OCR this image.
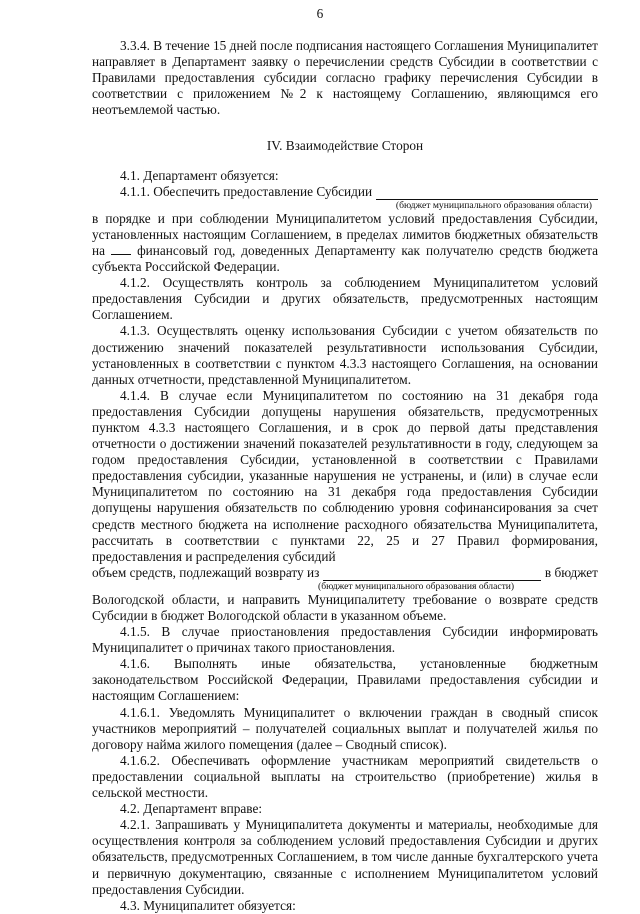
6

3.3.4. В течение 15 дней после подписания настоящего Соглашения Муниципалитет направляет в Департамент заявку о перечислении средств Субсидии в соответствии с Правилами предоставления субсидии согласно графику перечисления Субсидии в соответствии с приложением №2 к настоящему Соглашению, являющимся его неотъемлемой частью.

IV. Взаимодействие Сторон

4.1. Департамент обязуется:

4.1.1. Обеспечить предоставление Субсидии
(бюджет муниципального образования области)

в порядке и при соблюдении Муниципалитетом условий предоставления Субсидии, установленных настоящим Соглашением, в пределах лимитов бюджетных обязательств на финансовый год, доведенных Департаменту как получателю средств бюджета субъекта Российской Федерации.

4.1.2. Осуществлять контроль за соблюдением Муниципалитетом условий предоставления Субсидии и других обязательств, предусмотренных настоящим Соглашением.

4.1.3. Осуществлять оценку использования Субсидии с учетом обязательств по достижению значений показателей результативности использования Субсидии, установленных в соответствии с пунктом 4.3.3 настоящего Соглашения, на основании данных отчетности, представленной Муниципалитетом.

4.1.4. В случае если Муниципалитетом по состоянию на 31 декабря года предоставления Субсидии допущены нарушения обязательств, предусмотренных пунктом 4.3.3 настоящего Соглашения, и в срок до первой даты представления отчетности о достижении значений показателей результативности в году, следующем за годом предоставления Субсидии, установленной в соответствии с Правилами предоставления субсидии, указанные нарушения не устранены, и (или) в случае если Муниципалитетом по состоянию на 31 декабря года предоставления Субсидии допущены нарушения обязательств по соблюдению уровня софинансирования за счет средств местного бюджета на исполнение расходного обязательства Муниципалитета, рассчитать в соответствии с пунктами 22, 25 и 27 Правил формирования, предоставления и распределения субсидий

объем средств, подлежащий возврату из	в бюджет
(бюджет муниципального образования области)

Вологодской области, и направить Муниципалитету требование о возврате средств Субсидии в бюджет Вологодской области в указанном объеме.

4.1.5. В случае приостановления предоставления Субсидии информировать Муниципалитет о причинах такого приостановления.

4.1.6. Выполнять иные обязательства, установленные бюджетным законодательством Российской Федерации, Правилами предоставления субсидии и настоящим Соглашением:

4.1.6.1. Уведомлять Муниципалитет о включении граждан в сводный список участников мероприятий – получателей социальных выплат и получателей жилья по договору найма жилого помещения (далее – Сводный список).

4.1.6.2. Обеспечивать оформление участникам мероприятий свидетельств о предоставлении социальной выплаты на строительство (приобретение) жилья в сельской местности.

4.2. Департамент вправе:

4.2.1. Запрашивать у Муниципалитета документы и материалы, необходимые для осуществления контроля за соблюдением условий предоставления Субсидии и других обязательств, предусмотренных Соглашением, в том числе данные бухгалтерского учета и первичную документацию, связанные с исполнением Муниципалитетом условий предоставления Субсидии.

4.3. Муниципалитет обязуется:
